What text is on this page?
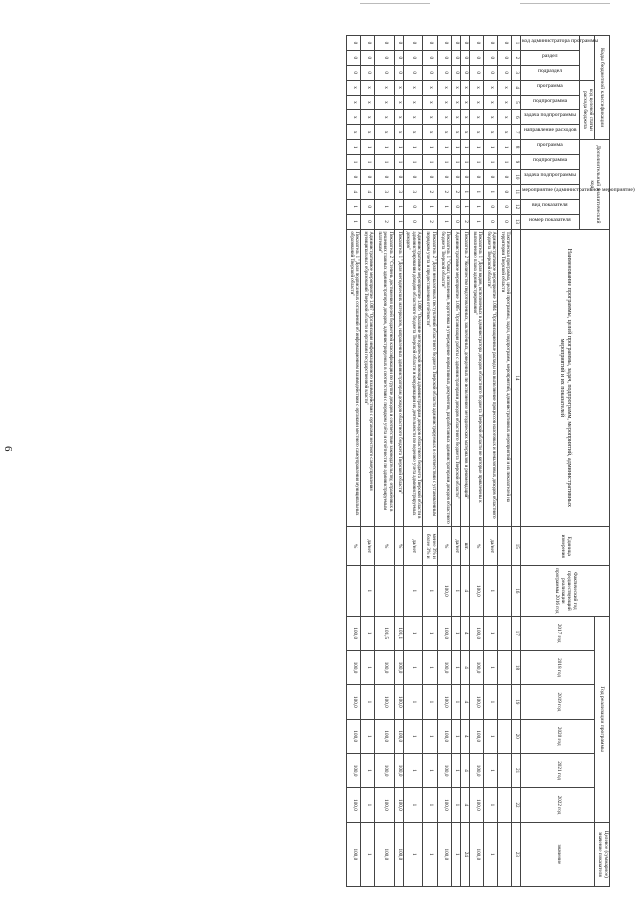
6
Коды бюджетной классификации							Дополнительный аналитический код						Наименование программы, целей программы, задач, подпрограмм, мероприятий, административных мероприятий и их показателей	Единица измерения	Фактический год предшествующий реализации программы 2016 год	Год реализации программы						Целевое (суммарное) значение показателя
			код целевой статьи расхода бюджета													2017 год	2018 год	2019 год	2020 год	2021 год	2022 год	значение

код администратора программы	раздел	подраздел	программа	подпрограмма	задача подпрограммы	направление расходов	программа	подпрограмма	задача подпрограммы	мероприятие (административное мероприятие)	вид показателя	номер показателя										

1	2	3	4	5	6	7	8	9	10	11	12	13	14	15	16	17	18	19	20	21	22	23
0	0	0	x	x	x	x	1	1	0	0	0	0	Тактическая программа, целей программы, задач, подпрограмм, мероприятий, административных мероприятий и их показателей на территории Тверской области									
0	0	0	x	x	x	x	1	1	0	1	0	0	Административное мероприятие 1.004 "Организационные расходы на выполнение процессов налоговых и неналоговых доходов областного бюджета Тверской области"	да/нет	1	1	1	1	1	1	1	1
0	0	0	x	x	x	x	1	1	0	1	1	1	Показатель 1 "Доля видов, исполняемых в администратора доходов областного бюджета Тверской области не которые привлечены к выполнению плана администрирования"	%	100,0	100,0	100,0	100,0	100,0	100,0	100,0	100,0
0	0	0	x	x	x	x	1	1	0	1	1	2	Показатель 2 "Количество подготовленных, заключённых, доведенных по исполнению методических материалов и рекомендаций"	шт.	4	4	4	4	4	4	4	24
0	0	0	x	x	x	x	1	1	0	2	0	0	Административное мероприятие 1.005 "Организация работы с администраторами доходов областного бюджета Тверской области"	да/нет	1	1	1	1	1	1	1	1
0	0	0	x	x	x	x	1	1	0	2	1	1	Показатель 1 "Охват, исполнение, подготовка и утверждение нормативных документов, разработанных администраторами доходов областного бюджета Тверской области"	%	100,0	100,0	100,0	100,0	100,0	100,0	100,0	100,0
0	0	0	x	x	x	x	1	1	0	2	1	2	Показатель 2 "Доля неналоговых поступлений областного бюджета Тверской области администрируемых в соответствии с установленным порядком учета и предоставления отчётности"	менее 3% и более 3% и	1	1	1	1	1	1	1	1
0	0	0	x	x	x	x	1	1	0	3	0	0	Административное мероприятие 1.006 "Оказание методической помощи администраторам доходов областного бюджета Тверской области в администрировании доходов областного бюджета Тверской области и координации их деятельности по ведению учета администрируемых доходов"	да/нет	1	1	1	1	1	1	1	1
0	0	0	x	x	x	x	1	1	0	3	1	1	Показатель 1 "Доля методических материалов, направленных администраторам доходов областного бюджета Тверской области"	%		101,1	100,0	100,0	100,0	100,0	100,0	100,0
0	0	0	x	x	x	x	1	1	0	3	1	2	Показатель 2 "Степень достижения целей бюджетной классификации по группе доходов и соответствие законодательству, отражённых в решениях главных администраторов доходов, администрируемых в соответствии с порядком учёта и отчётности по администрируемым платежам"	%		101,5	100,0	100,0	100,0	100,0	100,0	100,0
0	0	0	x	x	x	x	1	1	0	4	0	0	Административное мероприятие 1.007 "Организация информационного взаимодействия с органами местного самоуправления муниципальных образований Тверской области и органами государственной власти"	да/нет	1	1	1	1	1	1	1	1
0	0	0	x	x	x	x	1	1	0	4	1	1	Показатель 1 "Доля подписанных соглашений об информационном взаимодействии с органами местного самоуправления муниципальных образований Тверской области"	%		100,0	100,0	100,0	100,0	100,0	100,0	100,0
